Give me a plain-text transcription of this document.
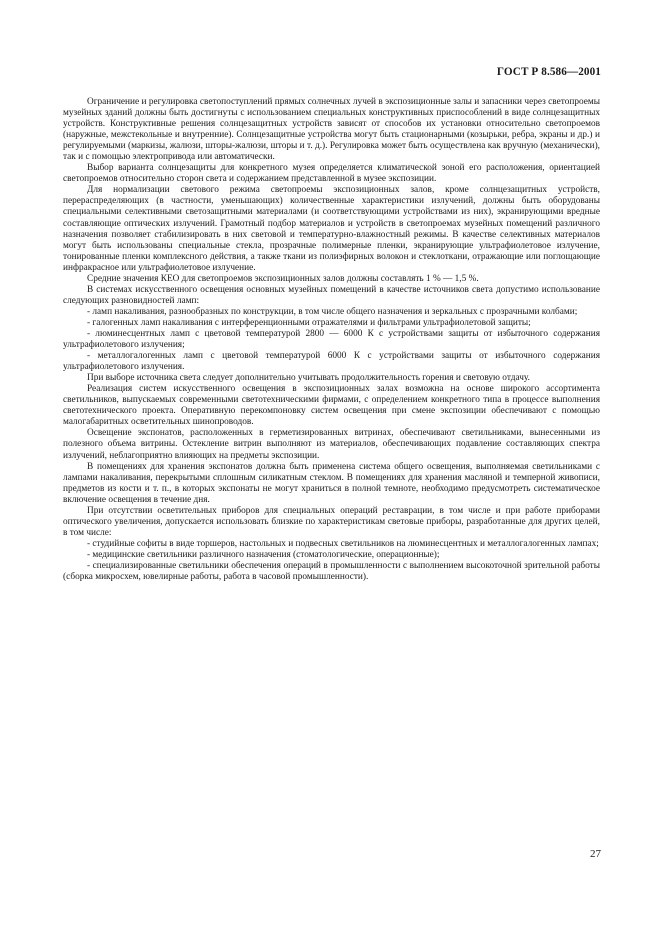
ГОСТ Р 8.586—2001

Ограничение и регулировка светопоступлений прямых солнечных лучей в экспозиционные залы и запасники через светопроемы музейных зданий должны быть достигнуты с использованием специальных конструктивных приспособлений в виде солнцезащитных устройств. Конструктивные решения солнцезащитных устройств зависят от способов их установки относительно светопроемов (наружные, межстекольные и внутренние). Солнцезащитные устройства могут быть стационарными (козырьки, ребра, экраны и др.) и регулируемыми (маркизы, жалюзи, шторы-жалюзи, шторы и т. д.). Регулировка может быть осуществлена как вручную (механически), так и с помощью электропривода или автоматически.

Выбор варианта солнцезащиты для конкретного музея определяется климатической зоной его расположения, ориентацией светопроемов относительно сторон света и содержанием представленной в музее экспозиции.

Для нормализации светового режима светопроемы экспозиционных залов, кроме солнцезащитных устройств, перераспределяющих (в частности, уменьшающих) количественные характеристики излучений, должны быть оборудованы специальными селективными светозащитными материалами (и соответствующими устройствами из них), экранирующими вредные составляющие оптических излучений. Грамотный подбор материалов и устройств в светопроемах музейных помещений различного назначения позволяет стабилизировать в них световой и температурно-влажностный режимы. В качестве селективных материалов могут быть использованы специальные стекла, прозрачные полимерные пленки, экранирующие ультрафиолетовое излучение, тонированные пленки комплексного действия, а также ткани из полиэфирных волокон и стеклоткани, отражающие или поглощающие инфракрасное или ультрафиолетовое излучение.

Средние значения КЕО для светопроемов экспозиционных залов должны составлять 1 % — 1,5 %.

В системах искусственного освещения основных музейных помещений в качестве источников света допустимо использование следующих разновидностей ламп:

- ламп накаливания, разнообразных по конструкции, в том числе общего назначения и зеркальных с прозрачными колбами;

- галогенных ламп накаливания с интерференционными отражателями и фильтрами ультрафиолетовой защиты;

- люминесцентных ламп с цветовой температурой 2800 — 6000 К с устройствами защиты от избыточного содержания ультрафиолетового излучения;

- металлогалогенных ламп с цветовой температурой 6000 К с устройствами защиты от избыточного содержания ультрафиолетового излучения.

При выборе источника света следует дополнительно учитывать продолжительность горения и световую отдачу.

Реализация систем искусственного освещения в экспозиционных залах возможна на основе широкого ассортимента светильников, выпускаемых современными светотехническими фирмами, с определением конкретного типа в процессе выполнения светотехнического проекта. Оперативную перекомпоновку систем освещения при смене экспозиции обеспечивают с помощью малогабаритных осветительных шинопроводов.

Освещение экспонатов, расположенных в герметизированных витринах, обеспечивают светильниками, вынесенными из полезного объема витрины. Остекление витрин выполняют из материалов, обеспечивающих подавление составляющих спектра излучений, неблагоприятно влияющих на предметы экспозиции.

В помещениях для хранения экспонатов должна быть применена система общего освещения, выполняемая светильниками с лампами накаливания, перекрытыми сплошным силикатным стеклом. В помещениях для хранения масляной и темперной живописи, предметов из кости и т. п., в которых экспонаты не могут храниться в полной темноте, необходимо предусмотреть систематическое включение освещения в течение дня.

При отсутствии осветительных приборов для специальных операций реставрации, в том числе и при работе приборами оптического увеличения, допускается использовать близкие по характеристикам световые приборы, разработанные для других целей, в том числе:

- студийные софиты в виде торшеров, настольных и подвесных светильников на люминесцентных и металлогалогенных лампах;

- медицинские светильники различного назначения (стоматологические, операционные);

- специализированные светильники обеспечения операций в промышленности с выполнением высокоточной зрительной работы (сборка микросхем, ювелирные работы, работа в часовой промышленности).

27
